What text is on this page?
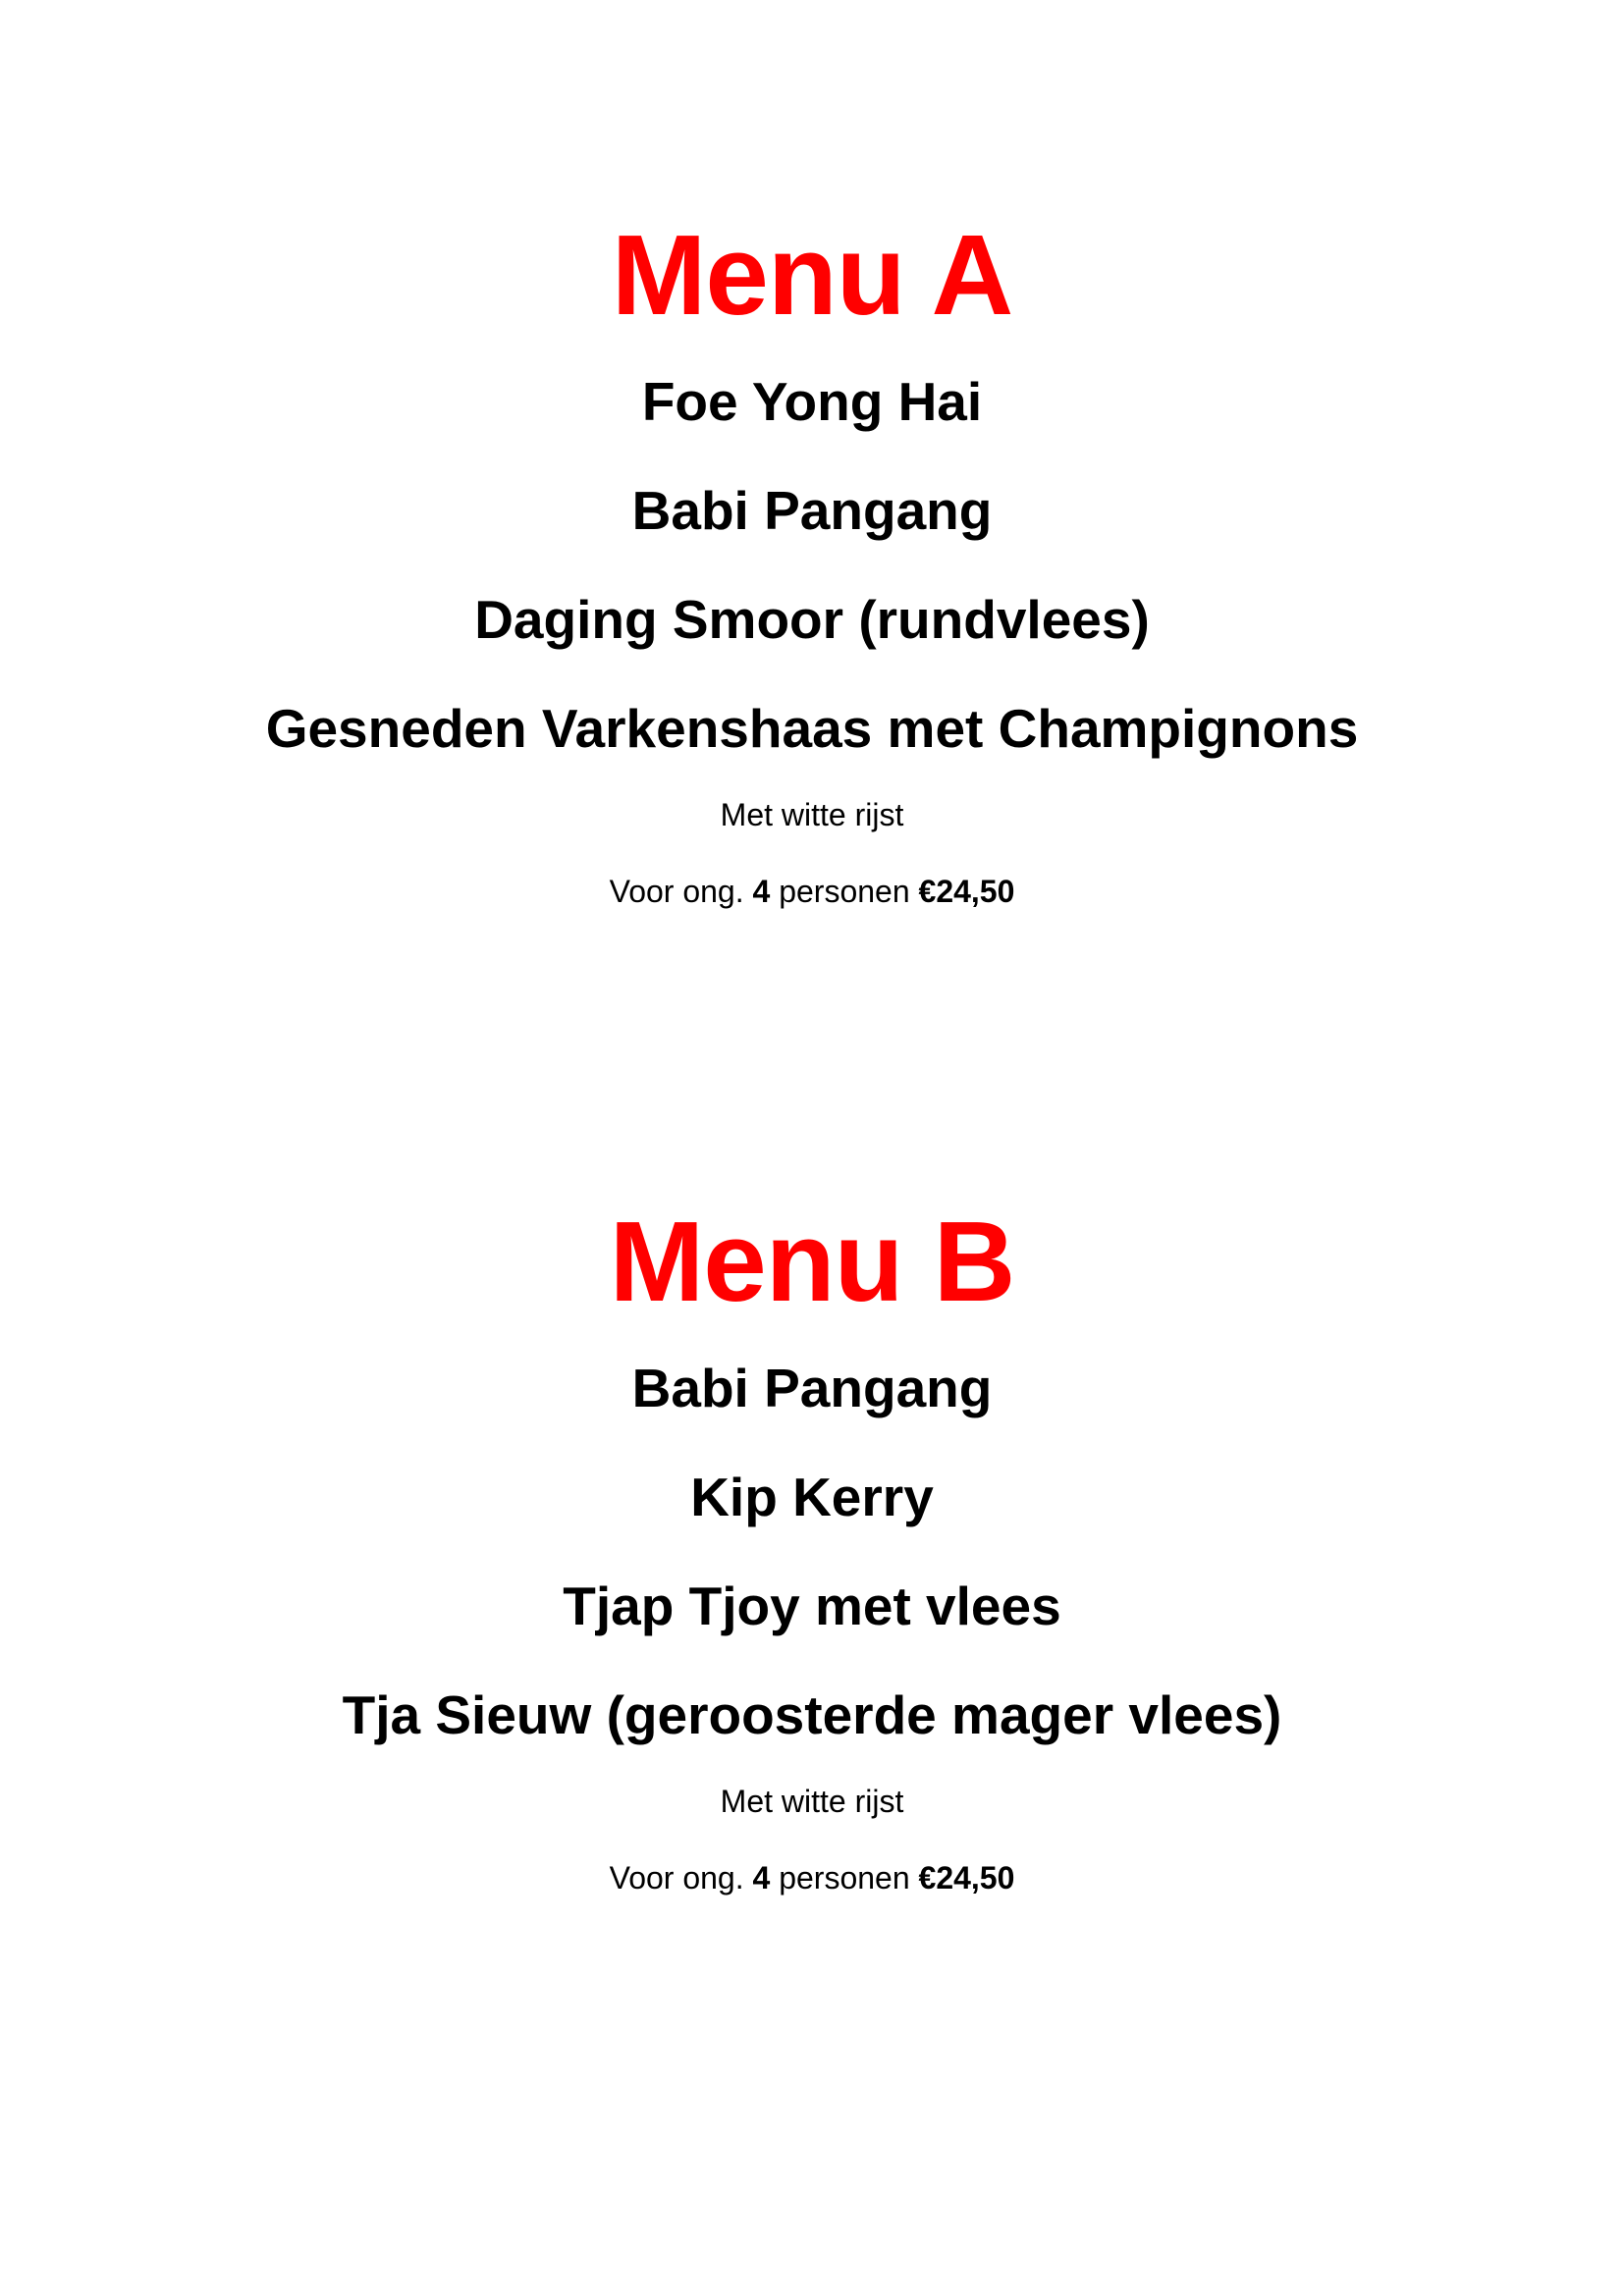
Menu A
Foe Yong Hai
Babi Pangang
Daging Smoor (rundvlees)
Gesneden Varkenshaas met Champignons
Met witte rijst
Voor ong. 4 personen €24,50
Menu B
Babi Pangang
Kip Kerry
Tjap Tjoy met vlees
Tja Sieuw (geroosterde mager vlees)
Met witte rijst
Voor ong. 4 personen €24,50
